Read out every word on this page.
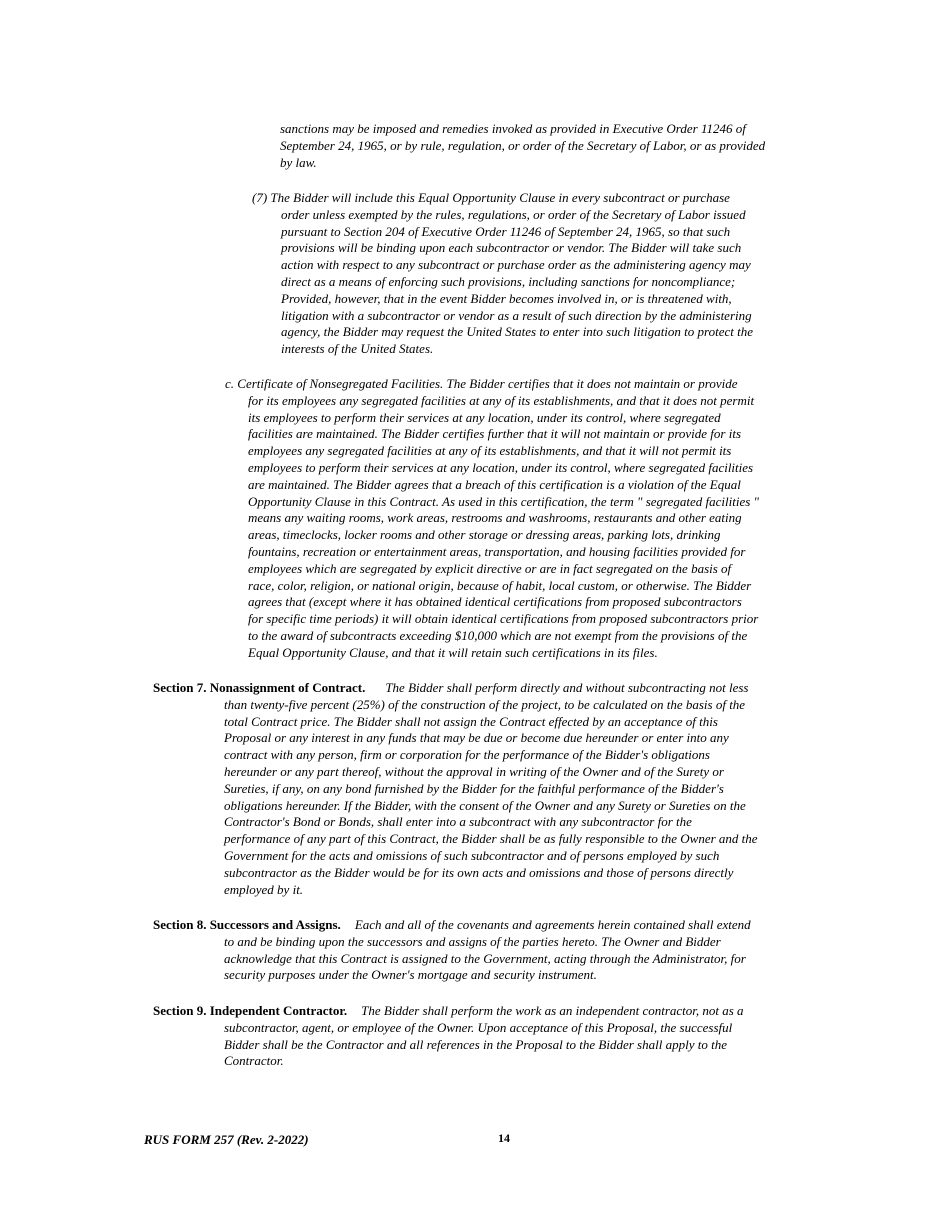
sanctions may be imposed and remedies invoked as provided in Executive Order 11246 of

September 24, 1965, or by rule, regulation, or order of the Secretary of Labor, or as provided

by law.

(7) The Bidder will include this Equal Opportunity Clause in every subcontract or purchase

order unless exempted by the rules, regulations, or order of the Secretary of Labor issued

pursuant to Section 204 of Executive Order 11246 of September 24, 1965, so that such

provisions will be binding upon each subcontractor or vendor. The Bidder will take such

action with respect to any subcontract or purchase order as the administering agency may

direct as a means of enforcing such provisions, including sanctions for noncompliance;

Provided, however, that in the event Bidder becomes involved in, or is threatened with,

litigation with a subcontractor or vendor as a result of such direction by the administering

agency, the Bidder may request the United States to enter into such litigation to protect the

interests of the United States.

c. Certificate of Nonsegregated Facilities. The Bidder certifies that it does not maintain or provide

for its employees any segregated facilities at any of its establishments, and that it does not permit

its employees to perform their services at any location, under its control, where segregated

facilities are maintained. The Bidder certifies further that it will not maintain or provide for its

employees any segregated facilities at any of its establishments, and that it will not permit its

employees to perform their services at any location, under its control, where segregated facilities

are maintained. The Bidder agrees that a breach of this certification is a violation of the Equal

Opportunity Clause in this Contract. As used in this certification, the term " segregated facilities "

means any waiting rooms, work areas, restrooms and washrooms, restaurants and other eating

areas, timeclocks, locker rooms and other storage or dressing areas, parking lots, drinking

fountains, recreation or entertainment areas, transportation, and housing facilities provided for

employees which are segregated by explicit directive or are in fact segregated on the basis of

race, color, religion, or national origin, because of habit, local custom, or otherwise. The Bidder

agrees that (except where it has obtained identical certifications from proposed subcontractors

for specific time periods) it will obtain identical certifications from proposed subcontractors prior

to the award of subcontracts exceeding $10,000 which are not exempt from the provisions of the

Equal Opportunity Clause, and that it will retain such certifications in its files.

Section 7. Nonassignment of Contract. The Bidder shall perform directly and without subcontracting not less

than twenty-five percent (25%) of the construction of the project, to be calculated on the basis of the

total Contract price. The Bidder shall not assign the Contract effected by an acceptance of this

Proposal or any interest in any funds that may be due or become due hereunder or enter into any

contract with any person, firm or corporation for the performance of the Bidder's obligations

hereunder or any part thereof, without the approval in writing of the Owner and of the Surety or

Sureties, if any, on any bond furnished by the Bidder for the faithful performance of the Bidder's

obligations hereunder. If the Bidder, with the consent of the Owner and any Surety or Sureties on the

Contractor's Bond or Bonds, shall enter into a subcontract with any subcontractor for the

performance of any part of this Contract, the Bidder shall be as fully responsible to the Owner and the

Government for the acts and omissions of such subcontractor and of persons employed by such

subcontractor as the Bidder would be for its own acts and omissions and those of persons directly

employed by it.

Section 8. Successors and Assigns. Each and all of the covenants and agreements herein contained shall extend

to and be binding upon the successors and assigns of the parties hereto. The Owner and Bidder

acknowledge that this Contract is assigned to the Government, acting through the Administrator, for

security purposes under the Owner's mortgage and security instrument.

Section 9. Independent Contractor. The Bidder shall perform the work as an independent contractor, not as a

subcontractor, agent, or employee of the Owner. Upon acceptance of this Proposal, the successful

Bidder shall be the Contractor and all references in the Proposal to the Bidder shall apply to the

Contractor.

RUS FORM 257 (Rev. 2-2022)	14
